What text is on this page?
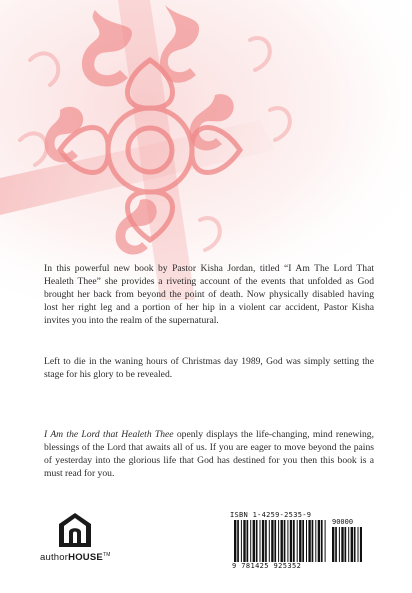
In this powerful new book by Pastor Kisha Jordan, titled “I Am The Lord That Healeth Thee” she provides a riveting account of the events that unfolded as God brought her back from beyond the point of death. Now physically disabled having lost her right leg and a portion of her hip in a violent car accident, Pastor Kisha invites you into the realm of the supernatural.

Left to die in the waning hours of Christmas day 1989, God was simply setting the stage for his glory to be revealed.

I Am the Lord that Healeth Thee openly displays the life-changing, mind renewing, blessings of the Lord that awaits all of us. If you are eager to move beyond the pains of yesterday into the glorious life that God has destined for you then this book is a must read for you.

authorHOUSE™
ISBN 1-4259-2535-9
90000
9 781425 925352
